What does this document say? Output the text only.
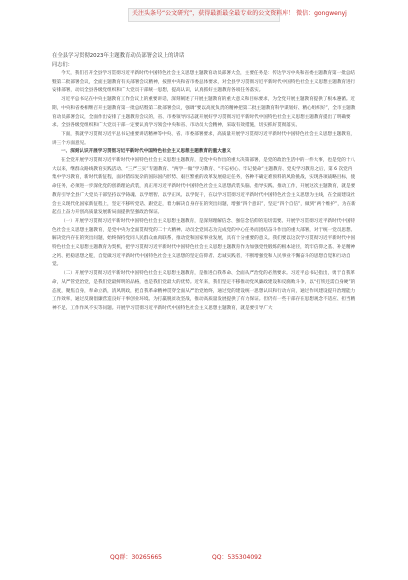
关注头条号“公文研究”，获得最新最全最专业的公文资料库！ 微信：gongwenyj

在全县学习贯彻2023年主题教育动员部署会议上的讲话

同志们：

今天，我们召开全县学习贯彻习近平新时代中国特色社会主义思想主题教育动员部署大会，主要任务是：传达学习中央和省委主题教育第一批总结暨第二批部署会议，全面主题教育有关部署会议精神，按照中央和省市委总体要求，对全县学习贯彻习近平新时代中国特色社会主义思想主题教育进行安排部署，动员全县各级党组织和广大党员干部统一思想，提高认识，认真抓好主题教育各项任务落实。

习近平总书记在中央主题教育工作会议上的重要讲话，深刻阐述了开展主题教育的重大意义和目标要求，为全党开展主题教育提供了根本遵循。近期，中央和省委相继召开主题教育第一批总结暨第二批部署会议，强调“要以高度负责的精神把第二批主题教育科学谋划好、精心组织好”，全市主题教育动员部署会议，全面作出安排了主题教育会议的，省、市委领导同志就开展好学习贯彻习近平新时代中国特色社会主义思想主题教育提出了明确要求。全县各级党组织和广大党员干部一定要认真学习领会中央和省、市动员大会精神，采取有效措施，切实抓好贯彻落实。

下面，我就学习贯彻习近平总书记重要讲话精神等中央、省、市委部署要求，高质量开展学习贯彻习近平新时代中国特色社会主义思想主题教育，讲三个方面意见。

一、深刻认识开展学习贯彻习近平新时代中国特色社会主义思想主题教育的重大意义

在全党开展学习贯彻习近平新时代中国特色社会主义思想主题教育，是党中央作出的重大决策部署，是党的政治生活中的一件大事，也是党的十八大以来，继群众路线教育实践活动、“三严三实”专题教育、“两学一做”学习教育、“不忘初心、牢记使命”主题教育、党史学习教育之后，第 6 次党内集中学习教育，新时代新征程，面对错综复杂的国际国内形势、艰巨繁重的改革发展稳定任务，各种不确定难预料的风险挑战，实现各项战略目标，使命任务，必须进一步深化党的创新理论武装，真正用习近平新时代中国特色社会主义思想武装头脑、指导实践、推动工作，开展这次主题教育，就是要教育引导全县广大党员干部坚持以学铸魂、以学增智、以学正风、以学促干，在以学习贯彻习近平新时代中国特色社会主义思想为主线，在全面建设社会主义现代化国家新征程上，坚定不移听党话、跟党走，着力解决自身存在的突出问题，增强“四个意识”，坚定“四个自信”，做到“两个维护”，为在新起点上奋力开创高质量发展新局面提供坚强政治保证。

（一）开展学习贯彻习近平新时代中国特色社会主义思想主题教育，是深刻理解信念、强信念信仰的迫切需要。开展学习贯彻习近平新时代中国特色社会主义思想主题教育，是党中央为全面贯彻党的二十大精神、动员全党同志为完成党的中心任务而团结奋斗作出的重大部署，对于统一党员思想、解决党内存在的突出问题，始终保持党同人民群众血肉联系，推动党和国家事业发展，具有十分重要的意义。我们要以这次学习贯彻习近平新时代中国特色社会主义思想主题教育为契机，把学习贯彻习近平新时代中国特色社会主义思想主题教育作为加强党性锻炼的根本途径，筑牢信仰之基、补足精神之钙、把稳思想之舵，自觉做习近平新时代中国特色社会主义思想的坚定信仰者、忠诚实践者，不断增强党和人民事业不懈奋斗的思想自觉和行动自觉。

（二）开展学习贯彻习近平新时代中国特色社会主义思想主题教育，是推进自我革命、全面从严治党的必然要求。习近平总书记指出，勇于自我革命，从严管党治党，是我们党最鲜明的品格，也是我们党最大的优势。近年来，我们坚定不移推动党风廉政建设和反腐败斗争，以“打铁还需自身硬”的态度，聚焦自身，奉命立新，清风明政，把自我革命精神贯穿全面从严治党始终，通过党的建设统一思想认识和行动方向，通过作风建设提升治理能力工作效率，通过反腐倡廉营造良好干事创业环境。为打赢脱贫攻坚战，推动高质量发展提供了有力保证。但仍有一些干部存在思想观念不适应、担当精神不足、工作作风不实等问题。开展学习贯彻习近平新时代中国特色社会主义思想主题教育，就是要引导广大

QQ群：30265665	QQ：535304092
